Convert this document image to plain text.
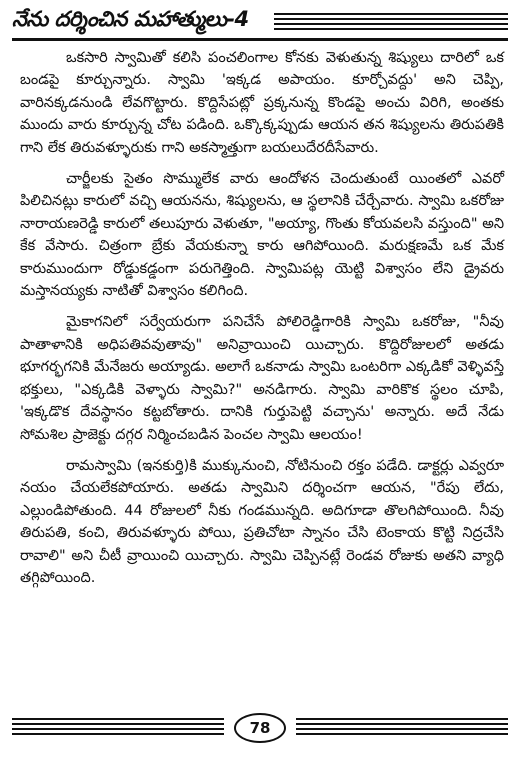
నేను దర్శించిన మహాత్ములు-4

ఒకసారి స్వామితో కలిసి పంచలింగాల కోనకు వెళుతున్న శిష్యులు దారిలో ఒక బండపై కూర్చున్నారు. స్వామి 'ఇక్కడ అపాయం. కూర్చోవద్దు' అని చెప్పి, వారినక్కడనుండి లేవగొట్టారు. కొద్దిసేపట్లో ప్రక్కనున్న కొండపై అంచు విరిగి, అంతకు ముందు వారు కూర్చున్న చోట పడింది. ఒక్కొక్కప్పుడు ఆయన తన శిష్యులను తిరుపతికి గాని లేక తిరువళ్ళూరుకు గాని అకస్మాత్తుగా బయలుదేరదీసేవారు.

చార్జీలకు సైతం సొమ్ములేక వారు ఆందోళన చెందుతుంటే యింతలో ఎవరో పిలిచినట్లు కారులో వచ్చి ఆయనను, శిష్యులను, ఆ స్థలానికి చేర్చేవారు. స్వామి ఒకరోజు నారాయణరెడ్డి కారులో తలుపూరు వెళుతూ, "అయ్యా, గొంతు కోయవలసి వస్తుంది" అని కేక వేసారు. చిత్రంగా బ్రేకు వేయకున్నా కారు ఆగిపోయింది. మరుక్షణమే ఒక మేక కారుముందుగా రోడ్డుకడ్డంగా పరుగెత్తింది. స్వామిపట్ల యెట్టి విశ్వాసం లేని డ్రైవరు మస్తానయ్యకు నాటితో విశ్వాసం కలిగింది.

మైకాగనిలో సర్వేయరుగా పనిచేసే పోలిరెడ్డిగారికి స్వామి ఒకరోజు, "నీవు పాతాళానికి అధిపతివవుతావు" అనివ్రాయించి యిచ్చారు. కొద్దిరోజులలో అతడు భూగర్భగనికి మేనేజరు అయ్యాడు. అలాగే ఒకనాడు స్వామి ఒంటరిగా ఎక్కడికో వెళ్ళివస్తే భక్తులు, "ఎక్కడికి వెళ్ళారు స్వామి?" అనడిగారు. స్వామి వారికొక స్థలం చూపి, 'ఇక్కడొక దేవస్థానం కట్టబోతారు. దానికి గుర్తుపెట్టి వచ్చాను' అన్నారు. అదే నేడు సోమశిల ప్రాజెక్టు దగ్గర నిర్మించబడిన పెంచల స్వామి ఆలయం!

రామస్వామి (ఇనకుర్తి)కి ముక్కునుంచి, నోటినుంచి రక్తం పడేది. డాక్టర్లు ఎవ్వరూ నయం చేయలేకపోయారు. అతడు స్వామిని దర్శించగా ఆయన, "రేపు లేదు, ఎల్లుండిపోతుంది. 44 రోజులలో నీకు గండమున్నది. అదిగూడా తొలగిపోయింది. నీవు తిరుపతి, కంచి, తిరువళ్ళూరు పోయి, ప్రతిచోటా స్నానం చేసి టెంకాయ కొట్టి నిద్రచేసి రావాలి" అని చీటీ వ్రాయించి యిచ్చారు. స్వామి చెప్పినట్లే రెండవ రోజుకు అతని వ్యాధి తగ్గిపోయింది.

78
